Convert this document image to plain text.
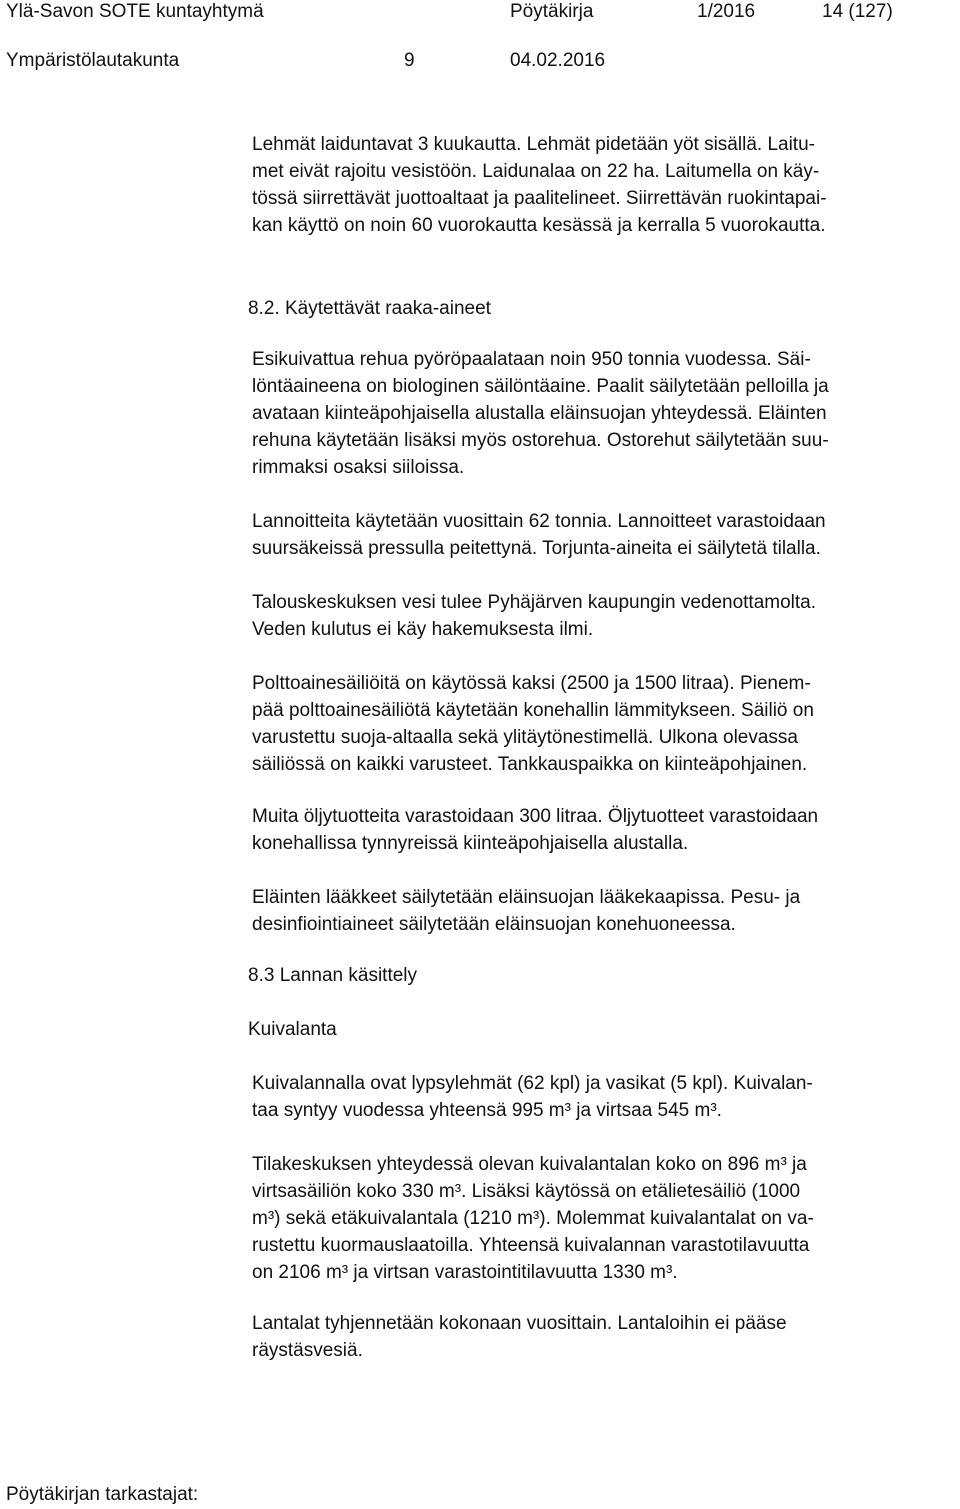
Ylä-Savon SOTE kuntayhtymä	Pöytäkirja	1/2016	14 (127)
Ympäristölautakunta	9	04.02.2016
Lehmät laiduntavat 3 kuukautta. Lehmät pidetään yöt sisällä. Laitu-
met eivät rajoitu vesistöön. Laidunalaa on 22 ha. Laitumella on käy-
tössä siirrettävät juottoaltaat ja paalitelineet. Siirrettävän ruokintapai-
kan käyttö on noin 60 vuorokautta kesässä ja kerralla 5 vuorokautta.
8.2. Käytettävät raaka-aineet
Esikuivattua rehua pyöröpaalataan noin 950 tonnia vuodessa. Säi-
löntäaineena on biologinen säilöntäaine. Paalit säilytetään pelloilla ja
avataan kiinteäpohjaisella alustalla eläinsuojan yhteydessä. Eläinten
rehuna käytetään lisäksi myös ostorehua. Ostorehut säilytetään suu-
rimmaksi osaksi siiloissa.
Lannoitteita käytetään vuosittain 62 tonnia. Lannoitteet varastoidaan
suursäkeissä pressulla peitettynä. Torjunta-aineita ei säilytetä tilalla.
Talouskeskuksen vesi tulee Pyhäjärven kaupungin vedenottamolta.
Veden kulutus ei käy hakemuksesta ilmi.
Polttoainesäiliöitä on käytössä kaksi (2500 ja 1500 litraa). Pienem-
pää polttoainesäiliötä käytetään konehallin lämmitykseen. Säiliö on
varustettu suoja-altaalla sekä ylitäytönestimellä. Ulkona olevassa
säiliössä on kaikki varusteet. Tankkauspaikka on kiinteäpohjainen.
Muita öljytuotteita varastoidaan 300 litraa. Öljytuotteet varastoidaan
konehallissa tynnyreissä kiinteäpohjaisella alustalla.
Eläinten lääkkeet säilytetään eläinsuojan lääkekaapissa. Pesu- ja
desinfiointiaineet säilytetään eläinsuojan konehuoneessa.
8.3 Lannan käsittely
Kuivalanta
Kuivalannalla ovat lypsylehmät (62 kpl) ja vasikat (5 kpl). Kuivalan-
taa syntyy vuodessa yhteensä 995 m³ ja virtsaa 545 m³.
Tilakeskuksen yhteydessä olevan kuivalantalan koko on 896 m³ ja
virtsasäiliön koko 330 m³. Lisäksi käytössä on etälietesäiliö (1000
m³) sekä etäkuivalantala (1210 m³). Molemmat kuivalantalat on va-
rustettu kuormauslaatoilla. Yhteensä kuivalannan varastotilavuutta
on 2106 m³ ja virtsan varastointitilavuutta 1330 m³.
Lantalat tyhjennetään kokonaan vuosittain. Lantaloihin ei pääse
räystäsvesiä.
Pöytäkirjan tarkastajat:
